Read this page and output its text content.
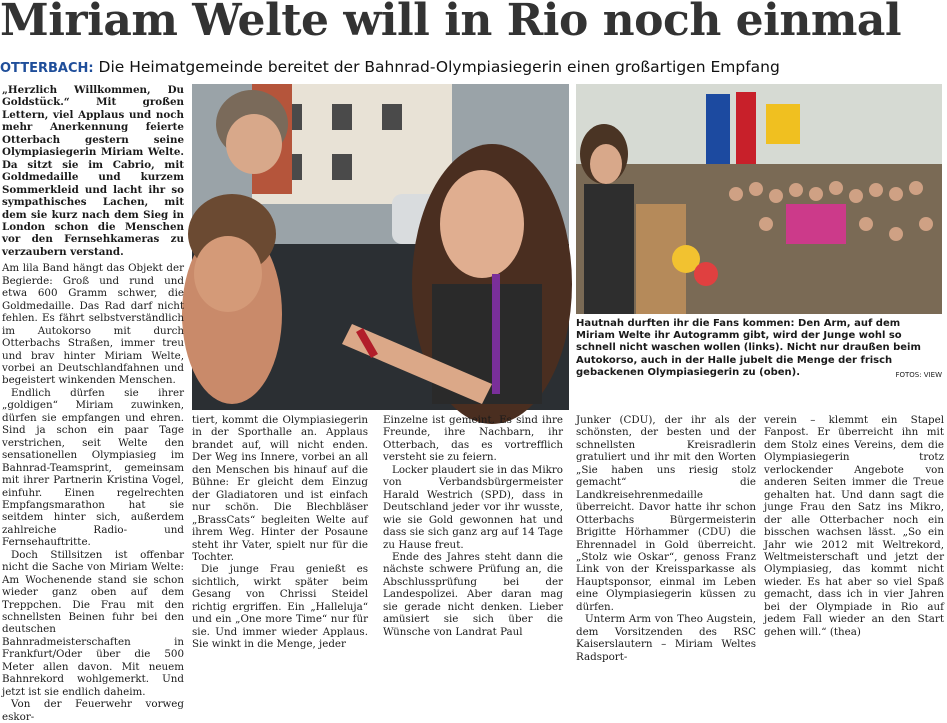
Miriam Welte will in Rio noch einmal
OTTERBACH: Die Heimatgemeinde bereitet der Bahnrad-Olympiasiegerin einen großartigen Empfang
Hautnah durften ihr die Fans kommen: Den Arm, auf dem Miriam Welte ihr Autogramm gibt, wird der Junge wohl so schnell nicht waschen wollen (links). Nicht nur draußen beim Autokorso, auch in der Halle jubelt die Menge der frisch gebackenen Olympiasiegerin zu (oben).	FOTOS: VIEW

„Herzlich Willkommen, Du Goldstück.“ Mit großen Lettern, viel Applaus und noch mehr Anerkennung feierte Otterbach gestern seine Olympiasiegerin Miriam Welte. Da sitzt sie im Cabrio, mit Goldmedaille und kurzem Sommerkleid und lacht ihr so sympathisches Lachen, mit dem sie kurz nach dem Sieg in London schon die Menschen vor den Fernsehkameras zu verzaubern verstand.

Am lila Band hängt das Objekt der Begierde: Groß und rund und etwa 600 Gramm schwer, die Goldmedaille. Das Rad darf nicht fehlen. Es fährt selbstverständlich im Autokorso mit durch Otterbachs Straßen, immer treu und brav hinter Miriam Welte, vorbei an Deutschlandfahnen und begeistert winkenden Menschen.

Endlich dürfen sie ihrer „goldigen“ Miriam zuwinken, dürfen sie empfangen und ehren. Sind ja schon ein paar Tage verstrichen, seit Welte den sensationellen Olympiasieg im Bahnrad-Teamsprint, gemeinsam mit ihrer Partnerin Kristina Vogel, einfuhr. Einen regelrechten Empfangsmarathon hat sie seitdem hinter sich, außerdem zahlreiche Radio- und Fernsehauftritte.

Doch Stillsitzen ist offenbar nicht die Sache von Miriam Welte: Am Wochenende stand sie schon wieder ganz oben auf dem Treppchen. Die Frau mit den schnellsten Beinen fuhr bei den deutschen Bahnradmeisterschaften in Frankfurt/Oder über die 500 Meter allen davon. Mit neuem Bahnrekord wohlgemerkt. Und jetzt ist sie endlich daheim.

Von der Feuerwehr vorweg eskor-

tiert, kommt die Olympiasiegerin in der Sporthalle an. Applaus brandet auf, will nicht enden. Der Weg ins Innere, vorbei an all den Menschen bis hinauf auf die Bühne: Er gleicht dem Einzug der Gladiatoren und ist einfach nur schön. Die Blechbläser „BrassCats“ begleiten Welte auf ihrem Weg. Hinter der Posaune steht ihr Vater, spielt nur für die Tochter.

Die junge Frau genießt es sichtlich, wirkt später beim Gesang von Chrissi Steidel richtig ergriffen. Ein „Halleluja“ und ein „One more Time“ nur für sie. Und immer wieder Applaus. Sie winkt in die Menge, jeder

Einzelne ist gemeint. Es sind ihre Freunde, ihre Nachbarn, ihr Otterbach, das es vortrefflich versteht sie zu feiern.

Locker plaudert sie in das Mikro von Verbandsbürgermeister Harald Westrich (SPD), dass in Deutschland jeder vor ihr wusste, wie sie Gold gewonnen hat und dass sie sich ganz arg auf 14 Tage zu Hause freut.

Ende des Jahres steht dann die nächste schwere Prüfung an, die Abschlussprüfung bei der Landespolizei. Aber daran mag sie gerade nicht denken. Lieber amüsiert sie sich über die Wünsche von Landrat Paul

Junker (CDU), der ihr als der schönsten, der besten und der schnellsten Kreisradlerin gratuliert und ihr mit den Worten „Sie haben uns riesig stolz gemacht“ die Landkreisehrenmedaille überreicht. Davor hatte ihr schon Otterbachs Bürgermeisterin Brigitte Hörhammer (CDU) die Ehrennadel in Gold überreicht. „Stolz wie Oskar“, genoss Franz Link von der Kreissparkasse als Hauptsponsor, einmal im Leben eine Olympiasiegerin küssen zu dürfen.

Unterm Arm von Theo Augstein, dem Vorsitzenden des RSC Kaiserslautern – Miriam Weltes Radsport-

verein – klemmt ein Stapel Fanpost. Er überreicht ihn mit dem Stolz eines Vereins, dem die Olympiasiegerin trotz verlockender Angebote von anderen Seiten immer die Treue gehalten hat. Und dann sagt die junge Frau den Satz ins Mikro, der alle Otterbacher noch ein bisschen wachsen lässt. „So ein Jahr wie 2012 mit Weltrekord, Weltmeisterschaft und jetzt der Olympiasieg, das kommt nicht wieder. Es hat aber so viel Spaß gemacht, dass ich in vier Jahren bei der Olympiade in Rio auf jedem Fall wieder an den Start gehen will.“ (thea)
